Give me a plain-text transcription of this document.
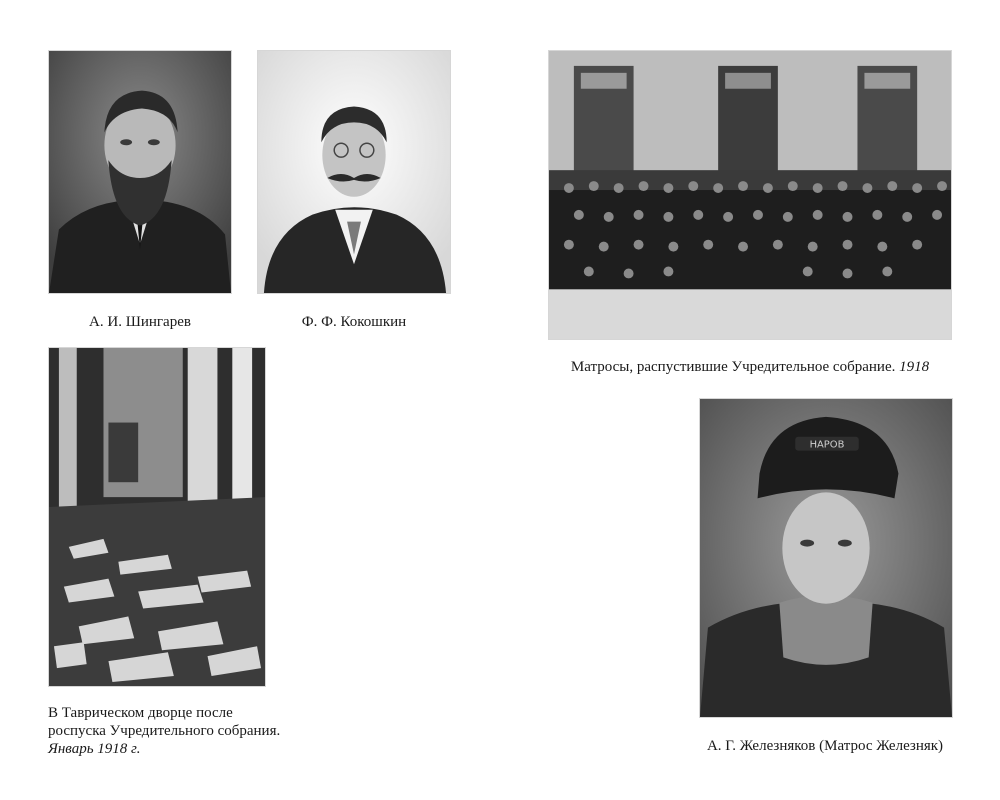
А. И. Шингарев	Ф. Ф. Кокошкин
Матросы, распустившие Учредительное собрание. 1918
В Таврическом дворце после
роспуска Учредительного собрания.
Январь 1918 г.
НАРОВ
А. Г. Железняков (Матрос Железняк)
